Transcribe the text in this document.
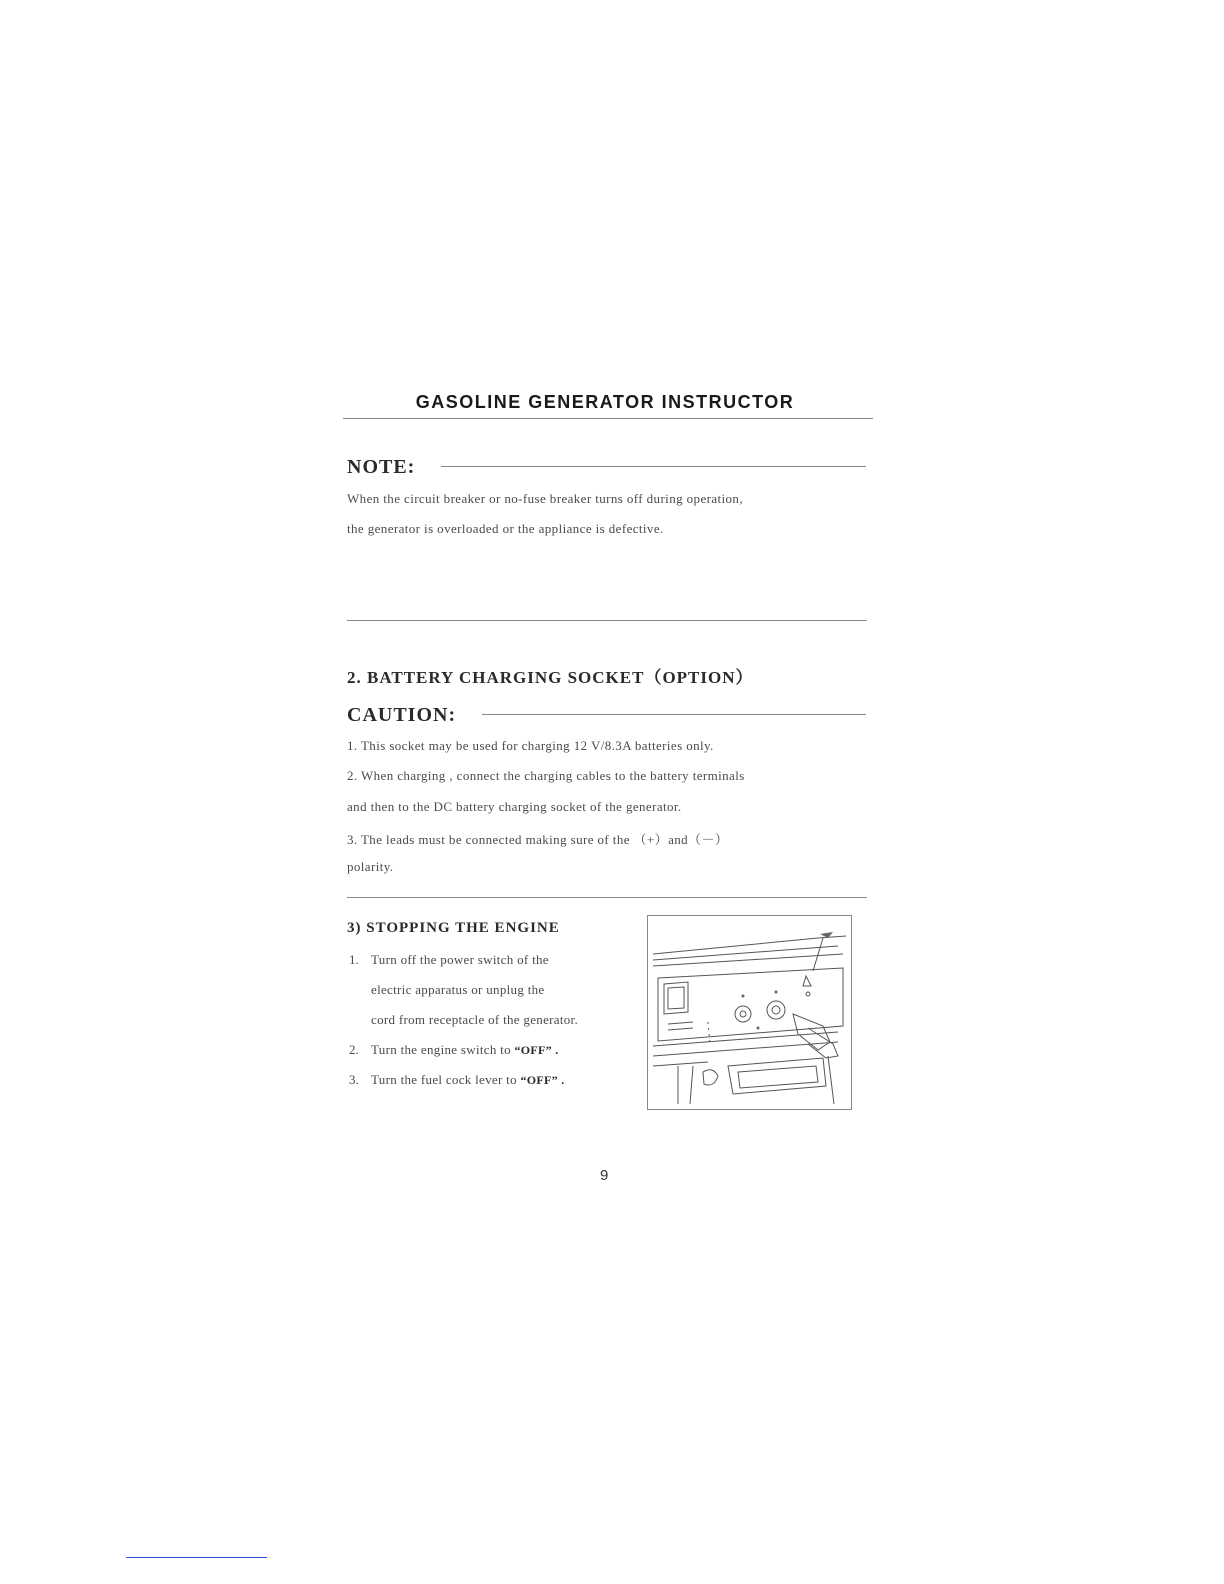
GASOLINE GENERATOR INSTRUCTOR
NOTE:
When the circuit breaker or no-fuse breaker turns off during operation,
the generator is overloaded or the appliance is defective.
2. BATTERY CHARGING SOCKET（OPTION）
CAUTION:
1. This socket may be used for charging 12 V/8.3A batteries only.
2. When charging , connect the charging cables to the battery terminals
and then to the DC battery charging socket of the generator.
3. The leads must be connected making sure of the （+）and（－）
polarity.
3) STOPPING THE ENGINE
1. Turn off the power switch of the
electric apparatus or unplug the
cord from receptacle of the generator.
2. Turn the engine switch to “OFF” .
3. Turn the fuel cock lever to “OFF” .
9
